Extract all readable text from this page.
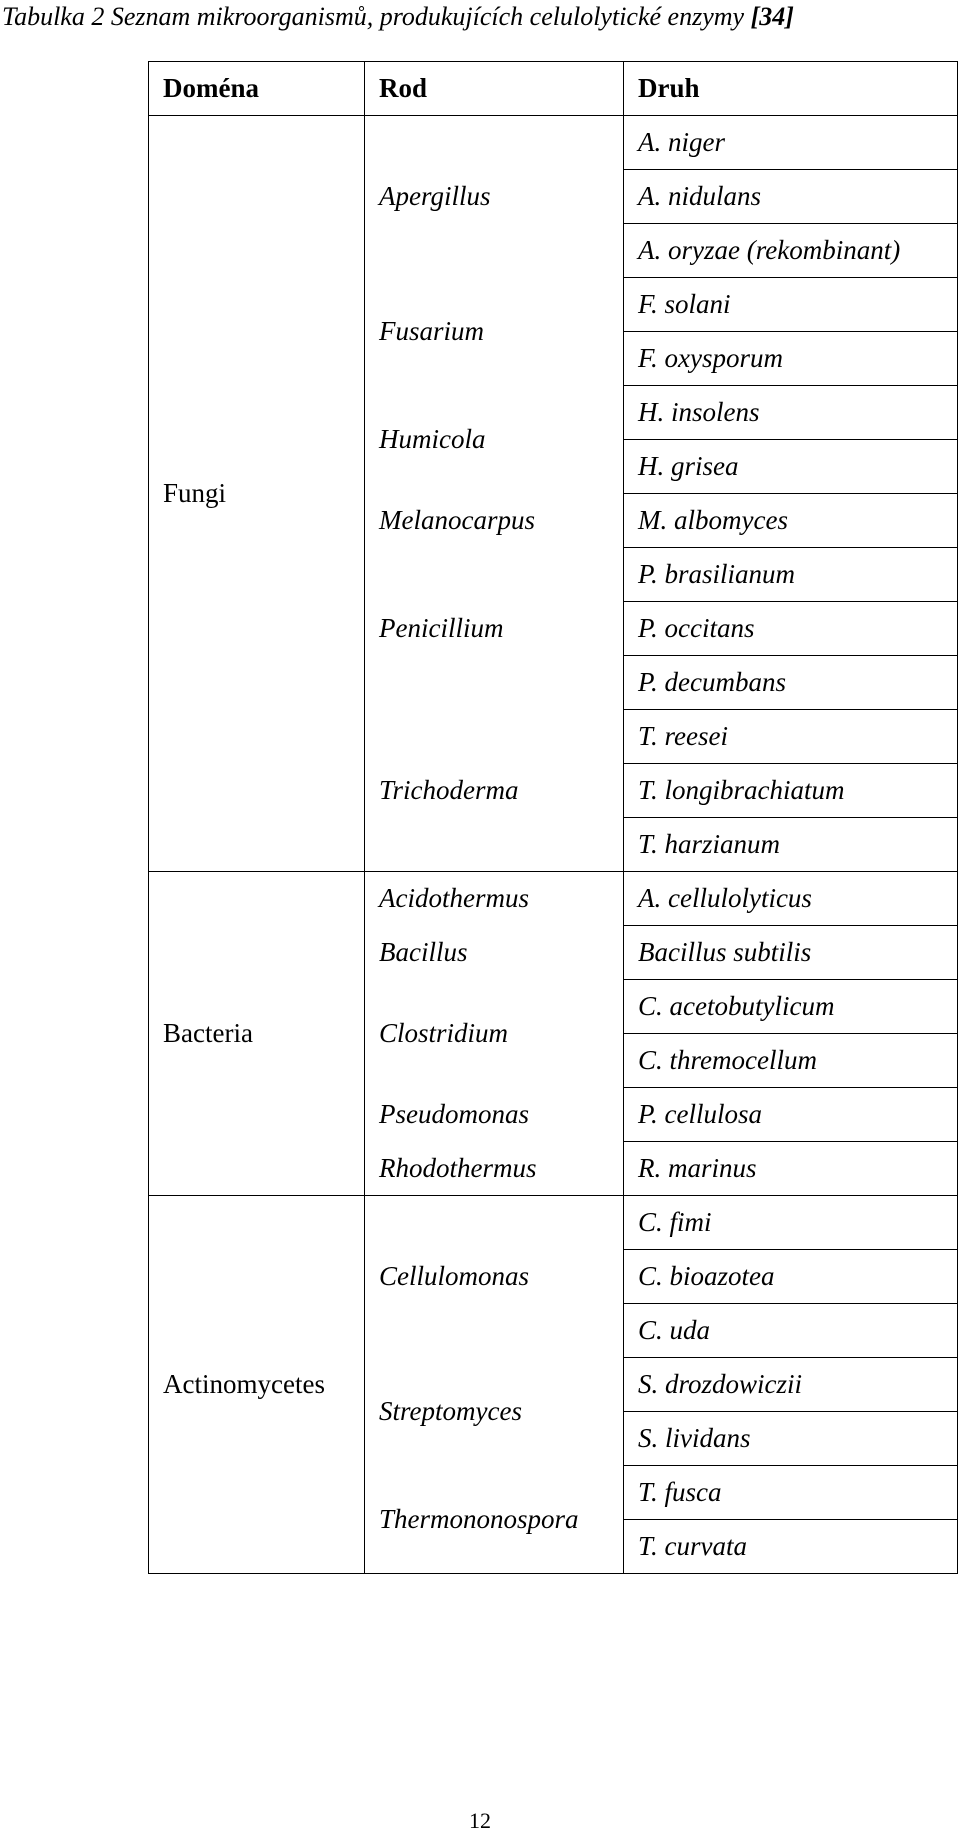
Tabulka 2 Seznam mikroorganismů, produkujících celulolytické enzymy [34]
Doména	Rod	Druh
Fungi	Apergillus	A. niger
		A. nidulans
		A. oryzae (rekombinant)
	Fusarium	F. solani
		F. oxysporum
	Humicola	H. insolens
		H. grisea
	Melanocarpus	M. albomyces
	Penicillium	P. brasilianum
		P. occitans
		P. decumbans
	Trichoderma	T. reesei
		T. longibrachiatum
		T. harzianum
Bacteria	Acidothermus	A. cellulolyticus
	Bacillus	Bacillus subtilis
	Clostridium	C. acetobutylicum
		C. thremocellum
	Pseudomonas	P. cellulosa
	Rhodothermus	R. marinus
Actinomycetes	Cellulomonas	C. fimi
		C. bioazotea
		C. uda
	Streptomyces	S. drozdowiczii
		S. lividans
	Thermononospora	T. fusca
		T. curvata
12
